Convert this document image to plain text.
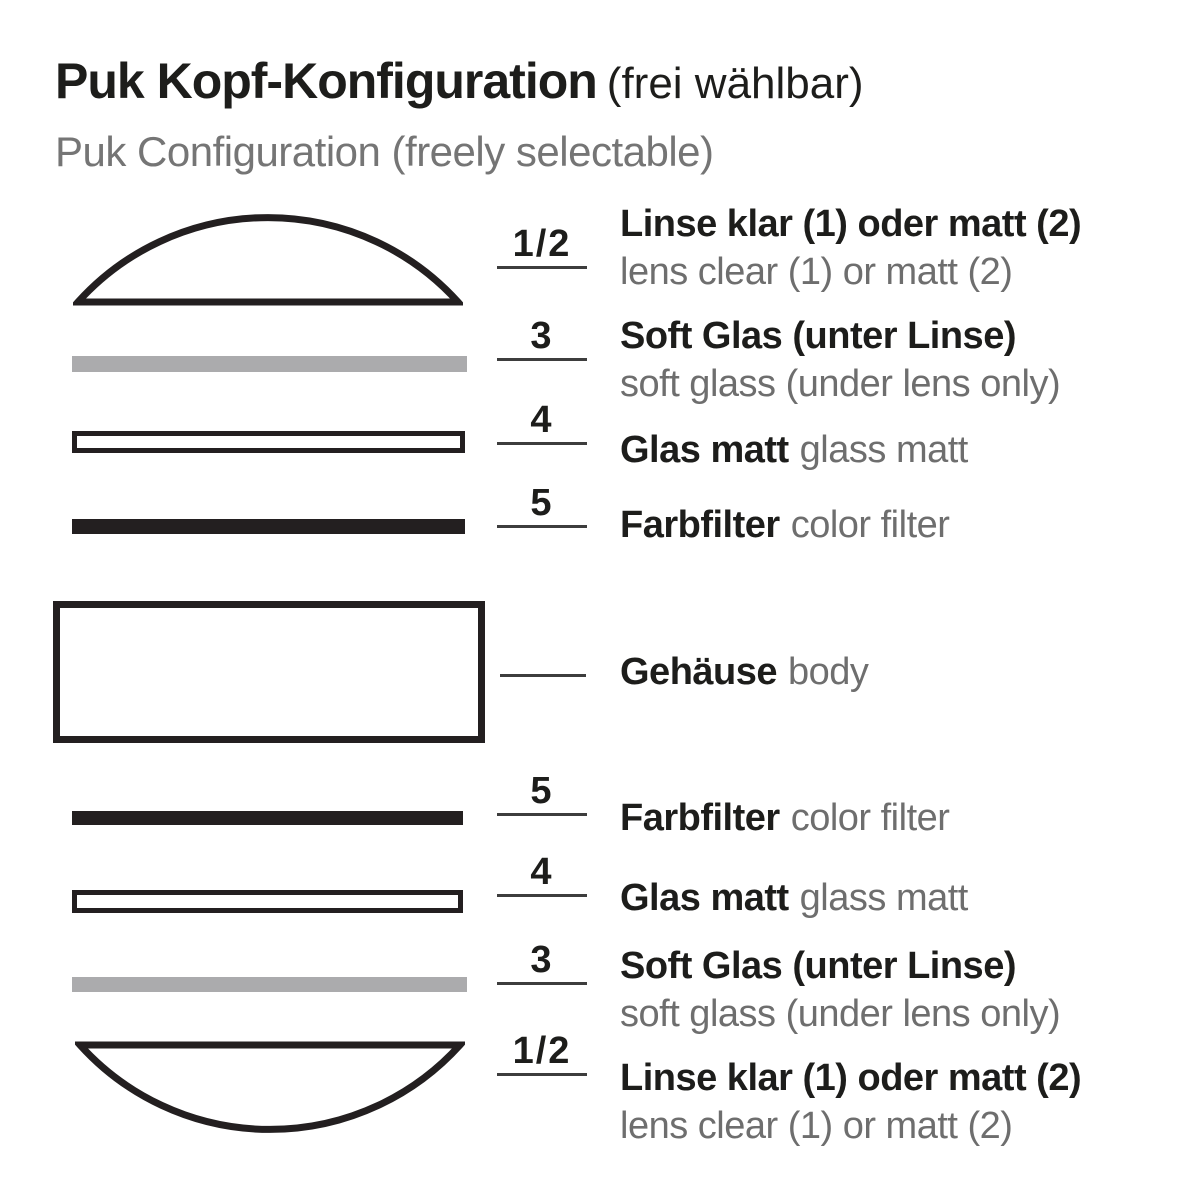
Puk Kopf-Konfiguration (frei wählbar)
Puk Configuration (freely selectable)
1/2
3
4
5
5
4
3
1/2
Linse klar (1) oder matt (2)
lens clear (1) or matt (2)
Soft Glas (unter Linse)
soft glass (under lens only)
Glas matt glass matt
Farbfilter color filter
Gehäuse body
Farbfilter color filter
Glas matt glass matt
Soft Glas (unter Linse)
soft glass (under lens only)
Linse klar (1) oder matt (2)
lens clear (1) or matt (2)
